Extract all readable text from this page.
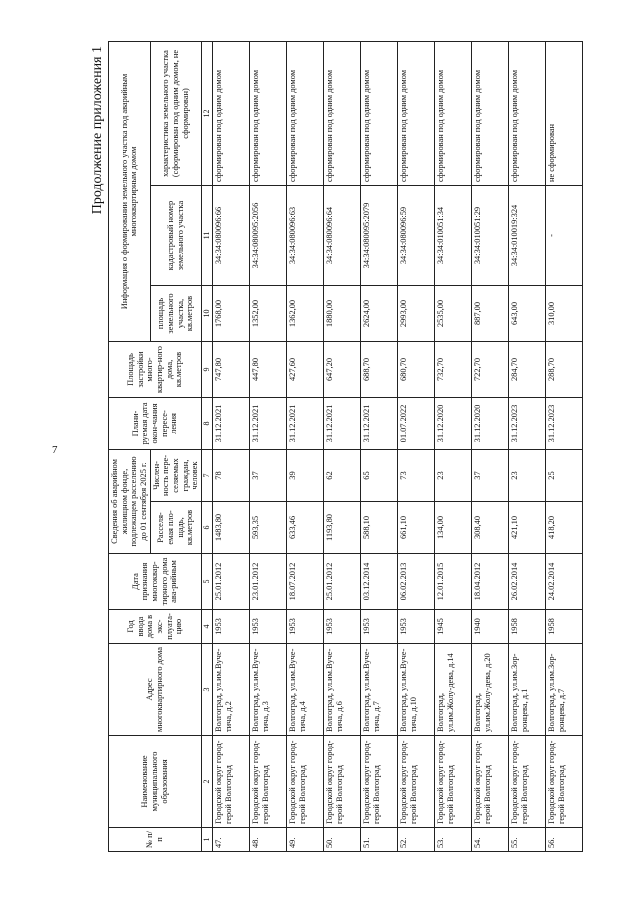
7
Продолжение приложения 1
№ п/п	Наименование муниципального образования	Адрес многоквартирного дома	Год ввода дома в экс-плуата-цию	Дата признания многоквар-тирного дома ава-рийным	Сведения об аварийном жилищном фонде, подлежащем расселению до 01 сентября 2025 г.		Плани-руемая дата окон-чания пересе-ления	Площадь застройки много-квартир-ного дома, кв.метров	Информация о формировании земельного участка под аварийным многоквартирным домом		
					Расселя-емая пло-щадь, кв.метров	Числен-ность пере-селяемых граждан, человек			площадь земельного участка, кв.метров	кадастровый номер земельного участка	характеристика земельного участка (сформирован под одним домом, не сформирован)
1	2	3	4	5	6	7	8	9	10	11	12
47.	Городской округ город-герой Волгоград	Волгоград, ул.им.Вуче-тича, д.2	1953	25.01.2012	1483,80	78	31.12.2021	747,80	1768,00	34:34:080096:66	сформирован под одним домом
48.	Городской округ город-герой Волгоград	Волгоград, ул.им.Вуче-тича, д.3	1953	23.01.2012	593,35	37	31.12.2021	447,80	1352,00	34:34:080095:2056	сформирован под одним домом
49.	Городской округ город-герой Волгоград	Волгоград, ул.им.Вуче-тича, д.4	1953	18.07.2012	633,46	39	31.12.2021	427,60	1362,00	34:34:080096:63	сформирован под одним домом
50.	Городской округ город-герой Волгоград	Волгоград, ул.им.Вуче-тича, д.6	1953	25.01.2012	1193,80	62	31.12.2021	647,20	1880,00	34:34:080096:64	сформирован под одним домом
51.	Городской округ город-герой Волгоград	Волгоград, ул.им.Вуче-тича, д.7	1953	03.12.2014	588,10	65	31.12.2021	688,70	2624,00	34:34:080095:2079	сформирован под одним домом
52.	Городской округ город-герой Волгоград	Волгоград, ул.им.Вуче-тича, д.10	1953	06.02.2013	661,10	73	01.07.2022	680,70	2993,00	34:34:080096:59	сформирован под одним домом
53.	Городской округ город-герой Волгоград	Волгоград, ул.им.Жолу-дева, д.14	1945	12.01.2015	134,00	23	31.12.2020	732,70	2535,00	34:34:010051:34	сформирован под одним домом
54.	Городской округ город-герой Волгоград	Волгоград, ул.им.Жолу-дева, д.20	1940	18.04.2012	308,40	37	31.12.2020	722,70	887,00	34:34:010051:29	сформирован под одним домом
55.	Городской округ город-герой Волгоград	Волгоград, ул.им.Зор-ронцева, д.1	1958	26.02.2014	421,10	23	31.12.2023	284,70	643,00	34:34:010019:324	сформирован под одним домом
56.	Городской округ город-герой Волгоград	Волгоград, ул.им.Зор-ронцева, д.7	1958	24.02.2014	418,20	25	31.12.2023	288,70	310,00	-	не сформирован
